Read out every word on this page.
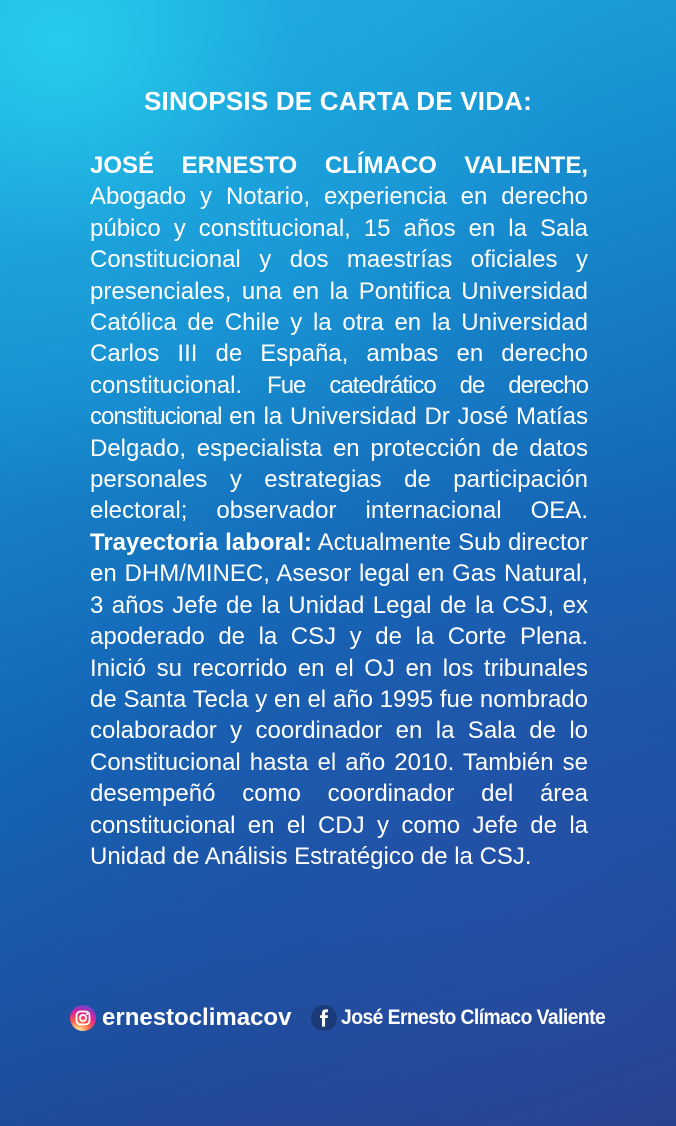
SINOPSIS DE CARTA DE VIDA:

JOSÉ ERNESTO CLÍMACO VALIENTE, Abogado y Notario, experiencia en derecho púbico y constitucional, 15 años en la Sala Constitucional y dos maestrías oficiales y presenciales, una en la Pontifica Universidad Católica de Chile y la otra en la Universidad Carlos III de España, ambas en derecho constitucional. Fue catedrático de derecho constitucional en la Universidad Dr José Matías Delgado, especialista en protección de datos personales y estrategias de participación electoral; observador internacional OEA. Trayectoria laboral: Actualmente Sub director en DHM/MINEC, Asesor legal en Gas Natural, 3 años Jefe de la Unidad Legal de la CSJ, ex apoderado de la CSJ y de la Corte Plena. Inició su recorrido en el OJ en los tribunales de Santa Tecla y en el año 1995 fue nombrado colaborador y coordinador en la Sala de lo Constitucional hasta el año 2010. También se desempeñó como coordinador del área constitucional en el CDJ y como Jefe de la Unidad de Análisis Estratégico de la CSJ.

ernestoclimacov José Ernesto Clímaco Valiente
